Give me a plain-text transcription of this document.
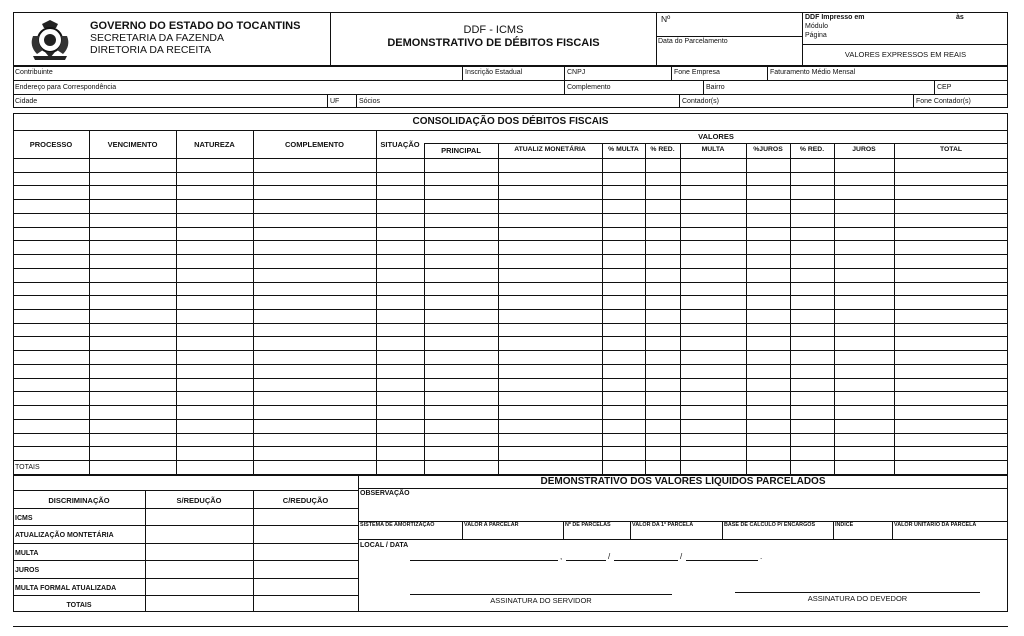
GOVERNO DO ESTADO DO TOCANTINS
SECRETARIA DA FAZENDA
DIRETORIA DA RECEITA
DDF - ICMS
DEMONSTRATIVO DE DÉBITOS FISCAIS
Nº
Data do Parcelamento
DDF Impresso em	às
Módulo
Página
VALORES EXPRESSOS EM REAIS
Contribuinte	Inscrição Estadual	CNPJ	Fone Empresa	Faturamento Médio Mensal
Endereço para Correspondência	Complemento	Bairro	CEP
Cidade	UF	Sócios	Contador(s)	Fone Contador(s)
CONSOLIDAÇÃO DOS DÉBITOS FISCAIS
VALORES
PROCESSO	VENCIMENTO	NATUREZA	COMPLEMENTO	SITUAÇÃO
PRINCIPAL	ATUALIZ MONETÁRIA	% MULTA	% RED.	MULTA	%JUROS	% RED.	JUROS	TOTAL
TOTAIS
DEMONSTRATIVO DOS VALORES LÍQUIDOS PARCELADOS
DISCRIMINAÇÃO	S/REDUÇÃO	C/REDUÇÃO
ICMS
ATUALIZAÇÃO MONTETÁRIA
MULTA
JUROS
MULTA FORMAL ATUALIZADA
TOTAIS
OBSERVAÇÃO
SISTEMA DE AMORTIZAÇÃO	VALOR A PARCELAR	Nº DE PARCELAS	VALOR DA 1ª PARCELA	BASE DE CÁLCULO P/ ENCARGOS	ÍNDICE	VALOR UNITÁRIO DA PARCELA
LOCAL / DATA
,	/	/	.
ASSINATURA DO SERVIDOR	ASSINATURA DO DEVEDOR
